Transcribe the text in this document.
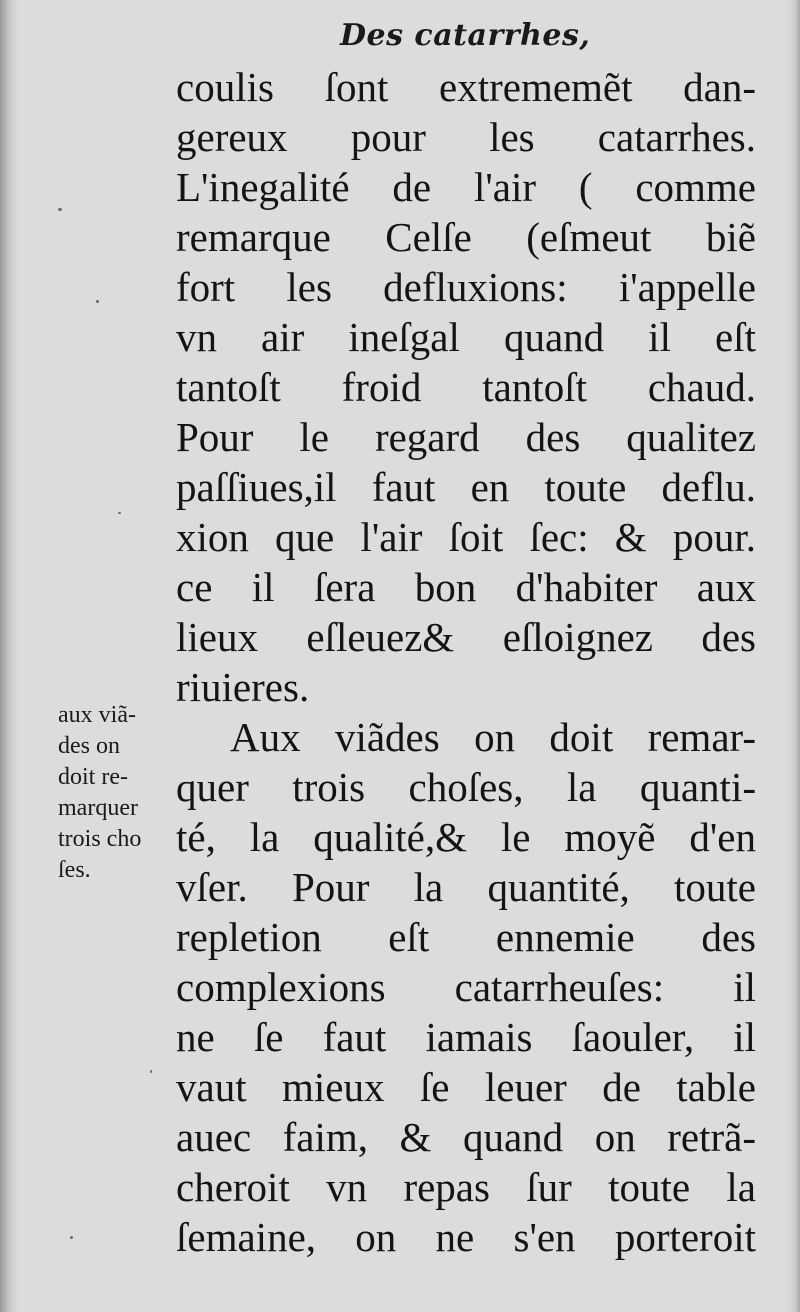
Des catarrhes,
coulis ſont extrememẽt dan-
gereux pour les catarrhes.
L'inegalité de l'air ( comme
remarque Celſe (eſmeut biẽ
fort les defluxions: i'appelle
vn air ineſgal quand il eſt
tantoſt froid tantoſt chaud.
Pour le regard des qualitez
paſſiues,il faut en toute deflu.
xion que l'air ſoit ſec: & pour.
ce il ſera bon d'habiter aux
lieux eſleuez& eſloignez des
riuieres.
Aux viãdes on doit remar-
quer trois choſes, la quanti-
té, la qualité,& le moyẽ d'en
vſer. Pour la quantité, toute
repletion eſt ennemie des
complexions catarrheuſes: il
ne ſe faut iamais ſaouler, il
vaut mieux ſe leuer de table
auec faim, & quand on retrã-
cheroit vn repas ſur toute la
ſemaine, on ne s'en porteroit
aux viã-
des on
doit re-
marquer
trois cho
ſes.
